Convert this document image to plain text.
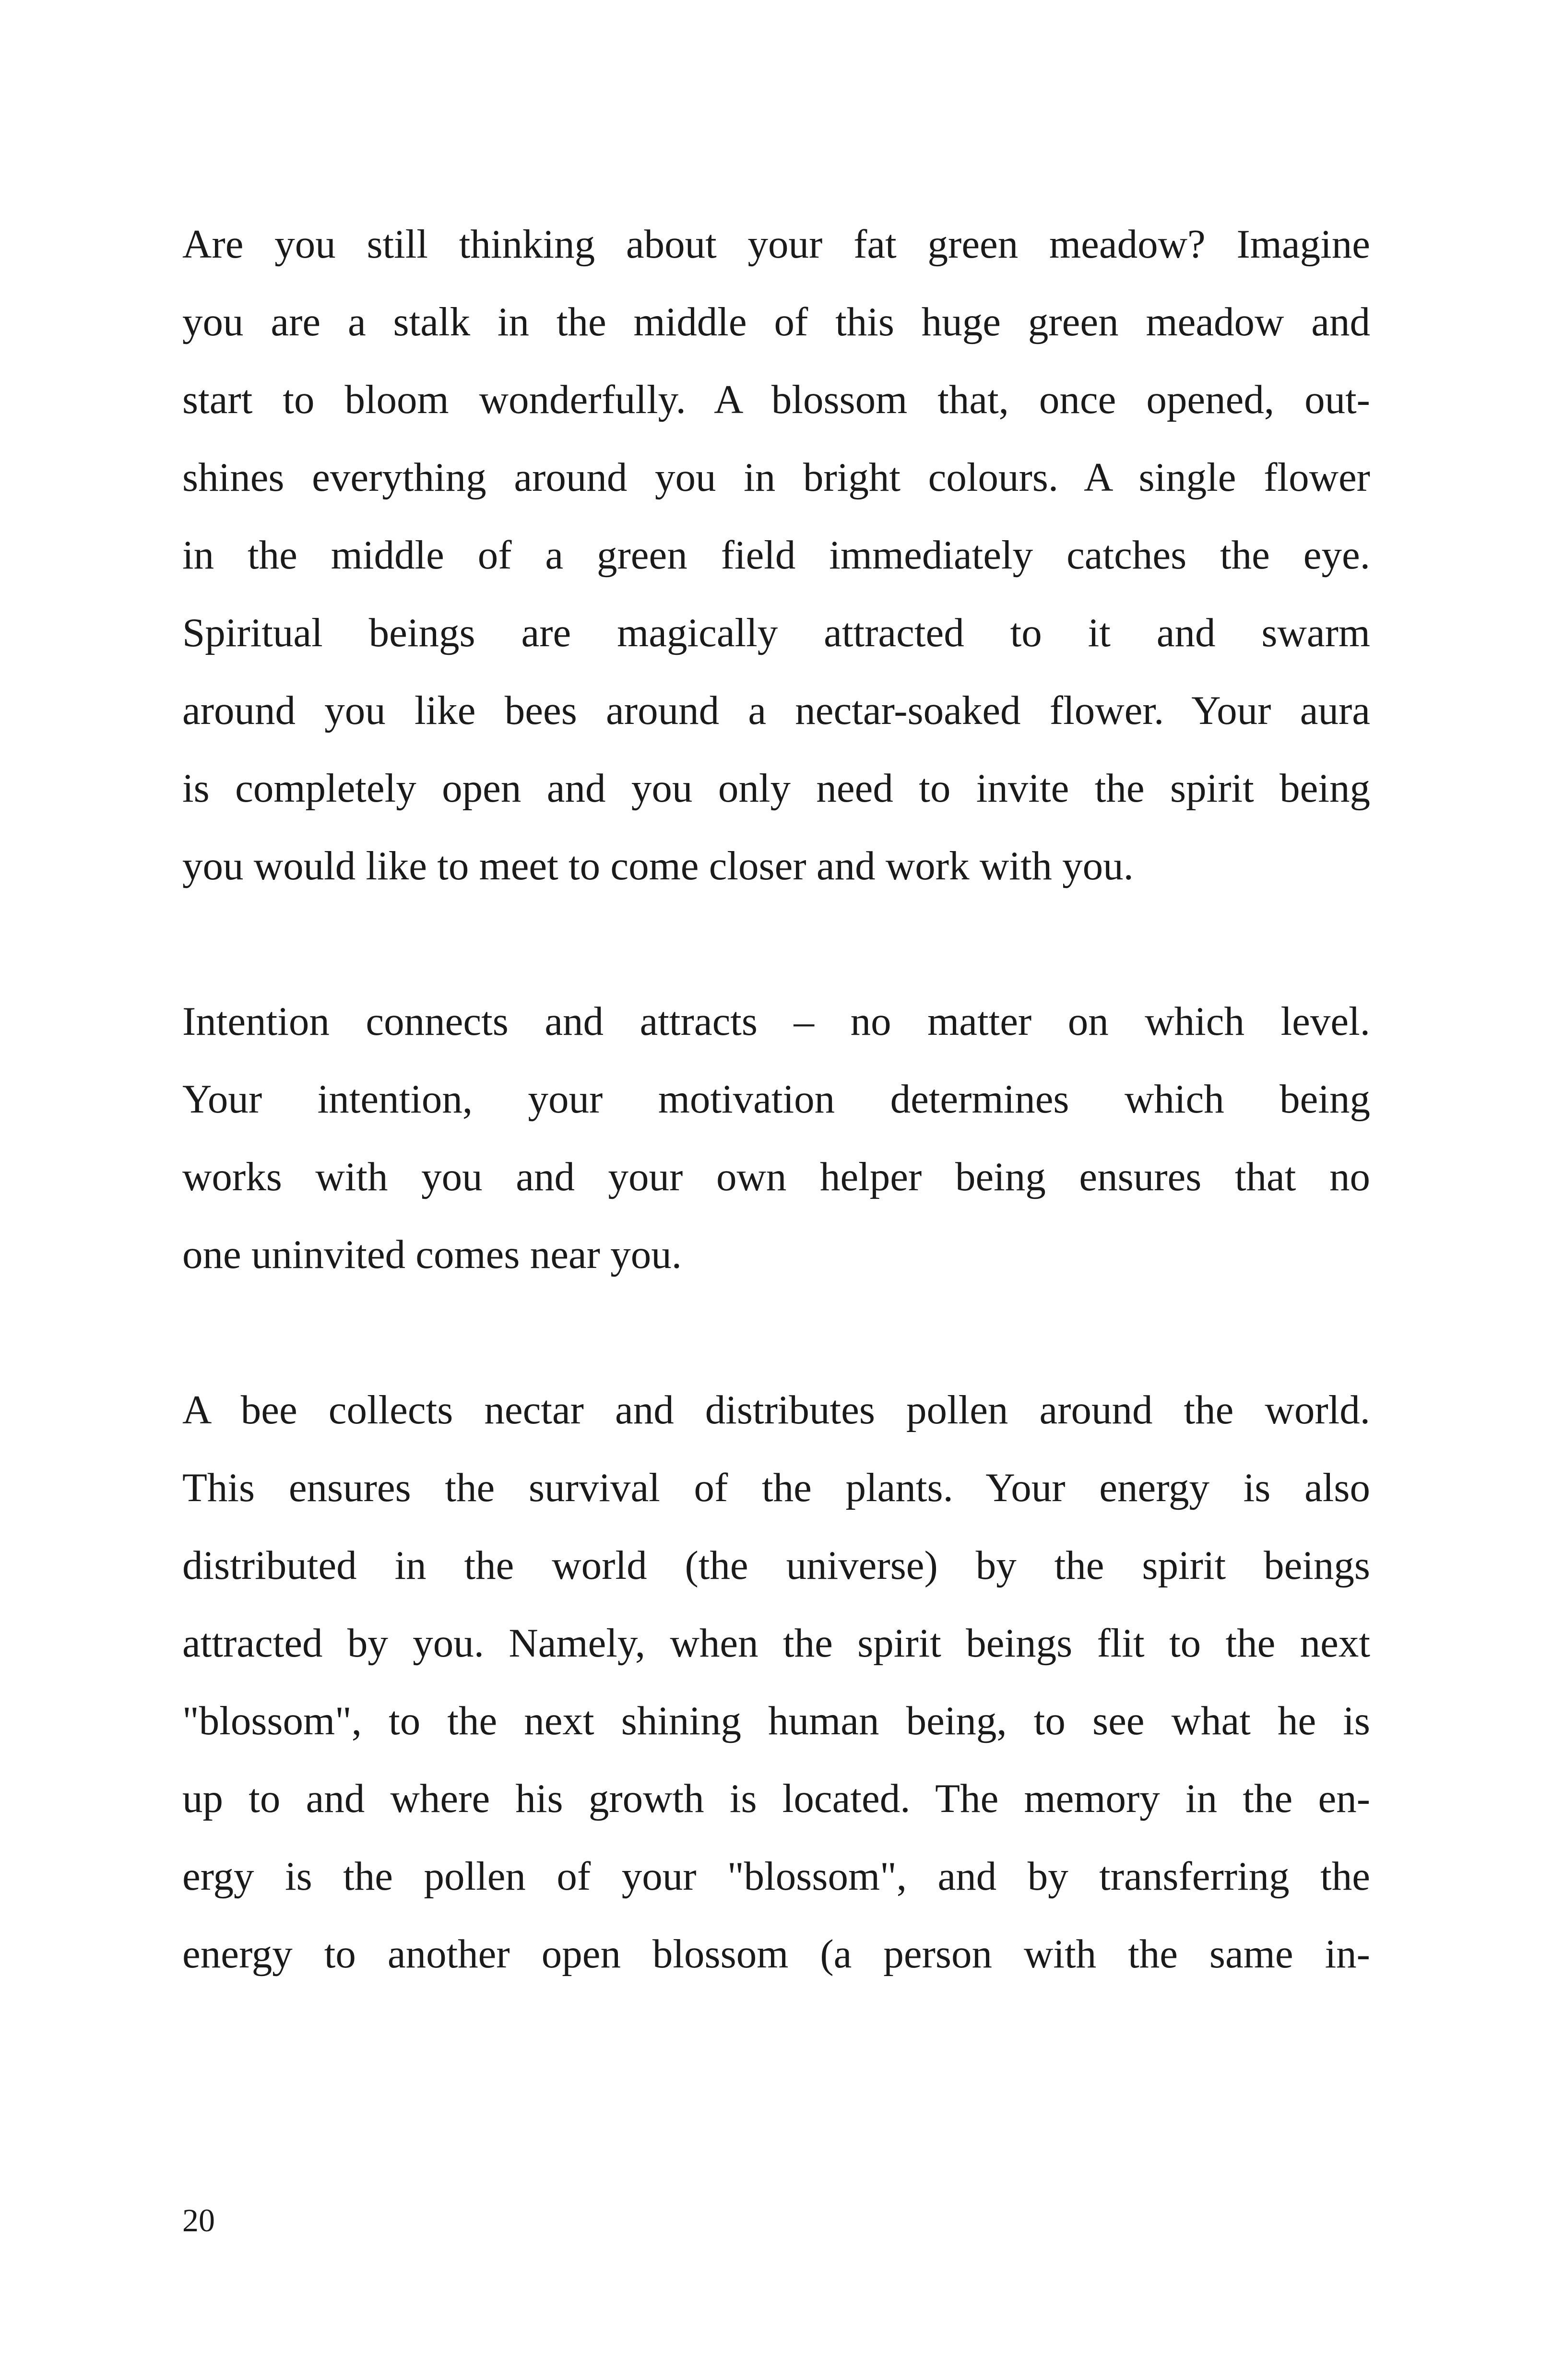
Are you still thinking about your fat green meadow? Imagine
you are a stalk in the middle of this huge green meadow and
start to bloom wonderfully. A blossom that, once opened, out-
shines everything around you in bright colours. A single flower
in the middle of a green field immediately catches the eye.
Spiritual beings are magically attracted to it and swarm
around you like bees around a nectar-soaked flower. Your aura
is completely open and you only need to invite the spirit being
you would like to meet to come closer and work with you.
Intention connects and attracts – no matter on which level.
Your intention, your motivation determines which being
works with you and your own helper being ensures that no
one uninvited comes near you.
A bee collects nectar and distributes pollen around the world.
This ensures the survival of the plants. Your energy is also
distributed in the world (the universe) by the spirit beings
attracted by you. Namely, when the spirit beings flit to the next
"blossom", to the next shining human being, to see what he is
up to and where his growth is located. The memory in the en-
ergy is the pollen of your "blossom", and by transferring the
energy to another open blossom (a person with the same in-
20
